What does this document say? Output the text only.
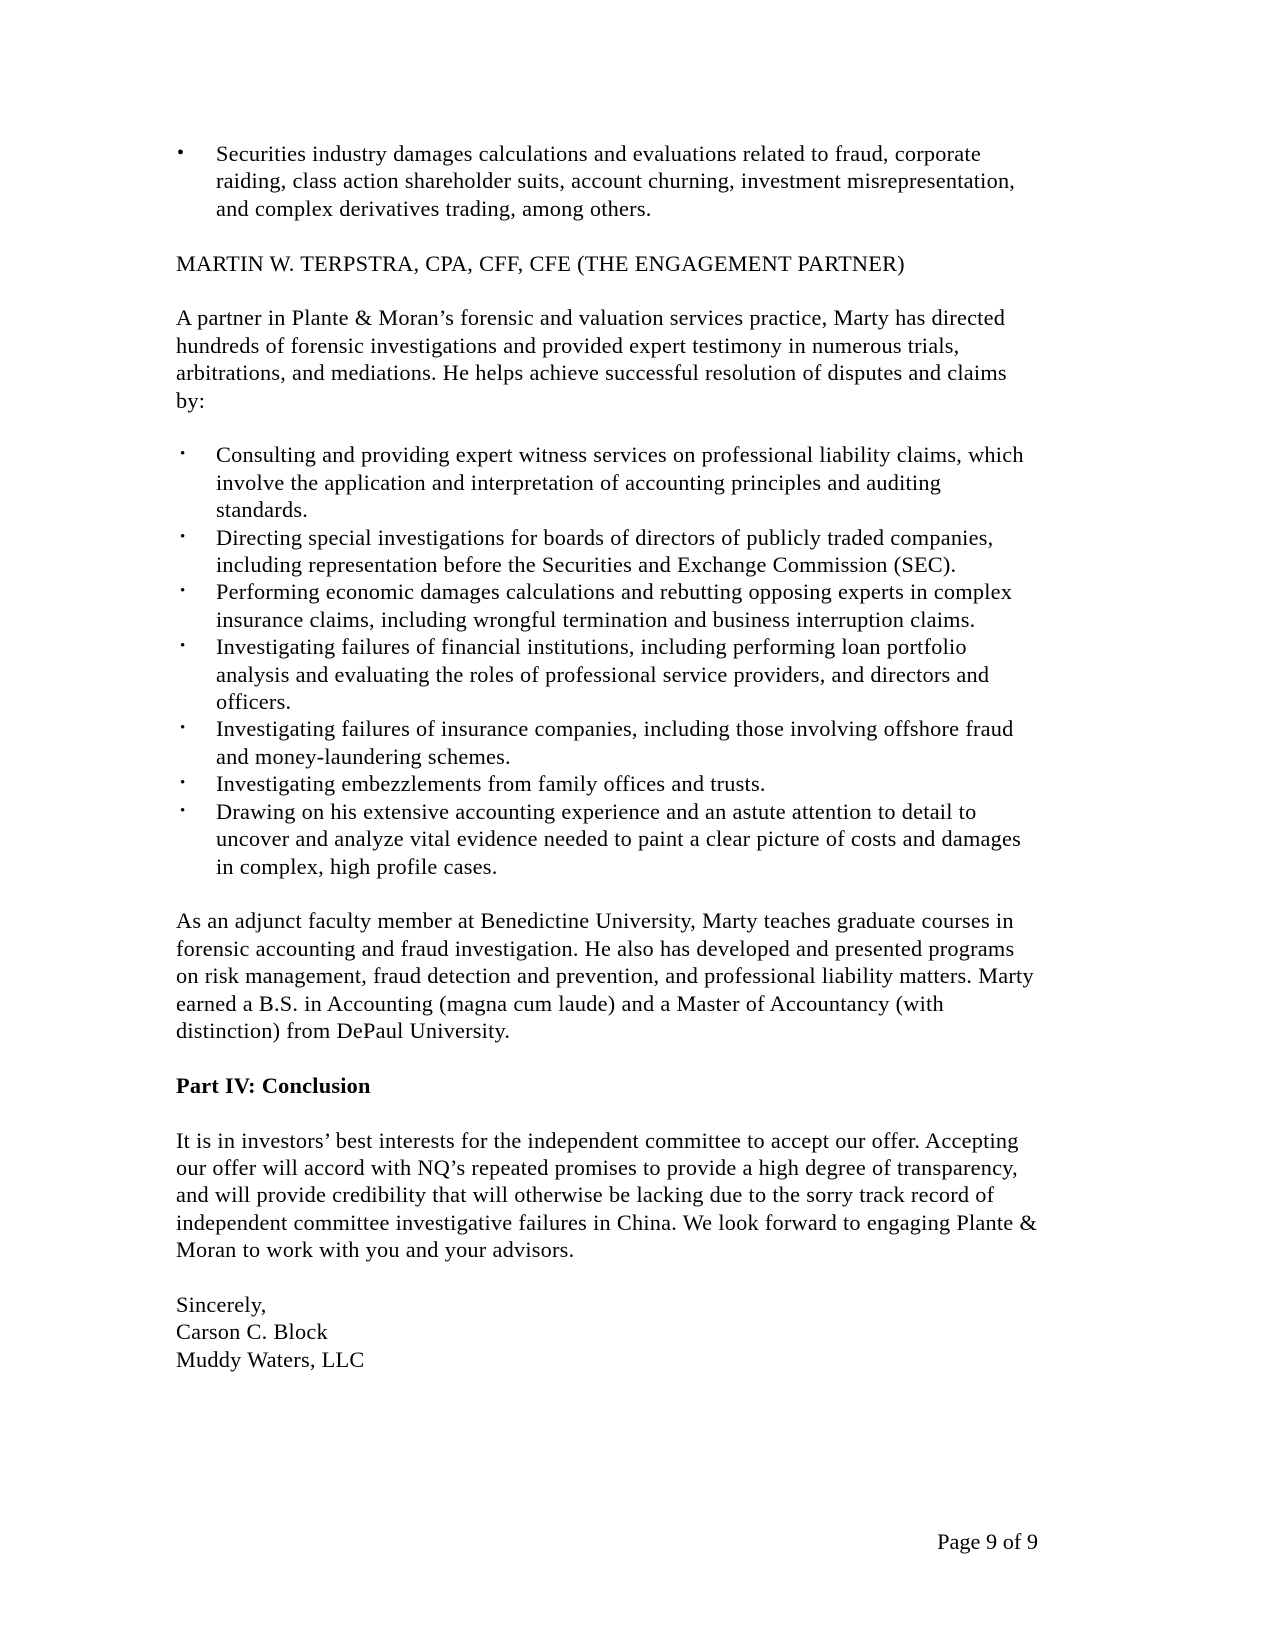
•	Securities industry damages calculations and evaluations related to fraud, corporate raiding, class action shareholder suits, account churning, investment misrepresentation, and complex derivatives trading, among others.

MARTIN W. TERPSTRA, CPA, CFF, CFE (THE ENGAGEMENT PARTNER)

A partner in Plante & Moran’s forensic and valuation services practice, Marty has directed hundreds of forensic investigations and provided expert testimony in numerous trials, arbitrations, and mediations. He helps achieve successful resolution of disputes and claims by:

•	Consulting and providing expert witness services on professional liability claims, which involve the application and interpretation of accounting principles and auditing standards.
•	Directing special investigations for boards of directors of publicly traded companies, including representation before the Securities and Exchange Commission (SEC).
•	Performing economic damages calculations and rebutting opposing experts in complex insurance claims, including wrongful termination and business interruption claims.
•	Investigating failures of financial institutions, including performing loan portfolio analysis and evaluating the roles of professional service providers, and directors and officers.
•	Investigating failures of insurance companies, including those involving offshore fraud and money-laundering schemes.
•	Investigating embezzlements from family offices and trusts.
•	Drawing on his extensive accounting experience and an astute attention to detail to uncover and analyze vital evidence needed to paint a clear picture of costs and damages in complex, high profile cases.

As an adjunct faculty member at Benedictine University, Marty teaches graduate courses in forensic accounting and fraud investigation. He also has developed and presented programs on risk management, fraud detection and prevention, and professional liability matters. Marty earned a B.S. in Accounting (magna cum laude) and a Master of Accountancy (with distinction) from DePaul University.

Part IV: Conclusion

It is in investors’ best interests for the independent committee to accept our offer. Accepting our offer will accord with NQ’s repeated promises to provide a high degree of transparency, and will provide credibility that will otherwise be lacking due to the sorry track record of independent committee investigative failures in China. We look forward to engaging Plante & Moran to work with you and your advisors.

Sincerely,

Carson C. Block

Muddy Waters, LLC

Page 9 of 9
